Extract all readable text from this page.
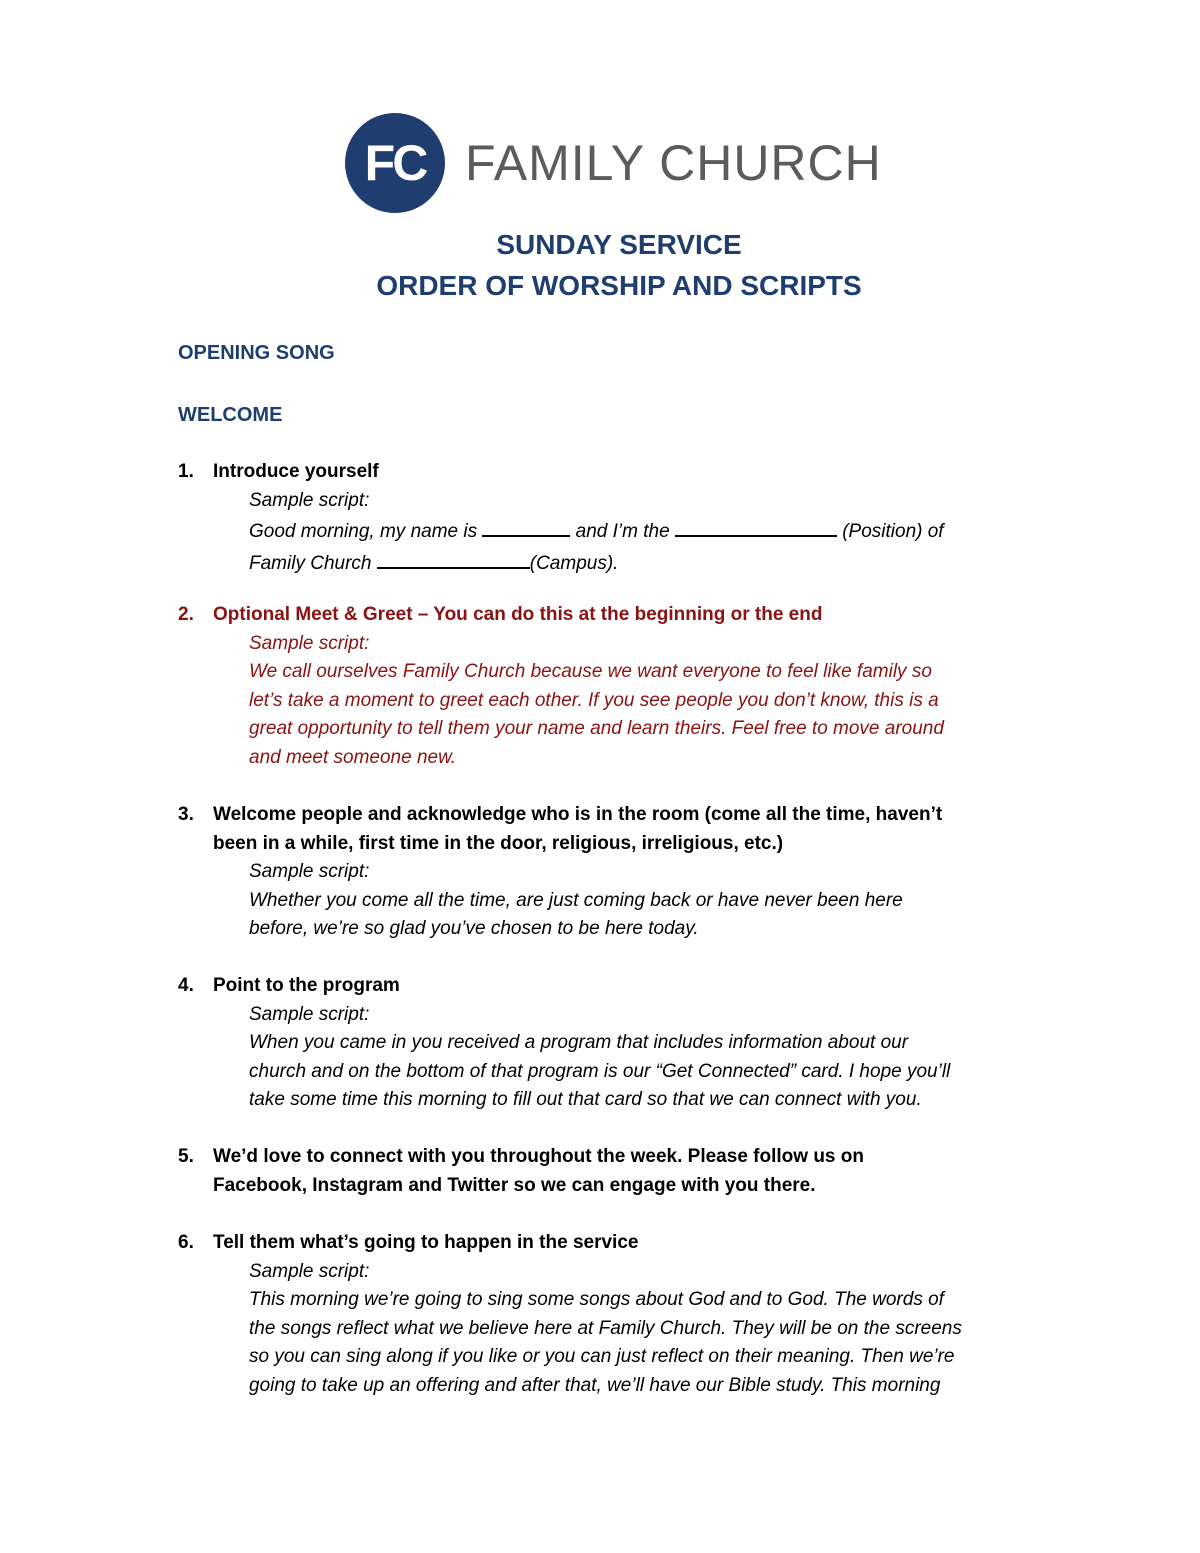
FC FAMILY CHURCH
SUNDAY SERVICE
ORDER OF WORSHIP AND SCRIPTS
OPENING SONG
WELCOME
1. Introduce yourself
Sample script:
Good morning, my name is	and I’m the	(Position) of
Family Church	(Campus).
2. Optional Meet & Greet – You can do this at the beginning or the end
Sample script:
We call ourselves Family Church because we want everyone to feel like family so
let’s take a moment to greet each other. If you see people you don’t know, this is a
great opportunity to tell them your name and learn theirs. Feel free to move around
and meet someone new.
3. Welcome people and acknowledge who is in the room (come all the time, haven’t
been in a while, first time in the door, religious, irreligious, etc.)
Sample script:
Whether you come all the time, are just coming back or have never been here
before, we’re so glad you’ve chosen to be here today.
4. Point to the program
Sample script:
When you came in you received a program that includes information about our
church and on the bottom of that program is our “Get Connected” card. I hope you’ll
take some time this morning to fill out that card so that we can connect with you.
5. We’d love to connect with you throughout the week. Please follow us on
Facebook, Instagram and Twitter so we can engage with you there.
6. Tell them what’s going to happen in the service
Sample script:
This morning we’re going to sing some songs about God and to God. The words of
the songs reflect what we believe here at Family Church. They will be on the screens
so you can sing along if you like or you can just reflect on their meaning. Then we’re
going to take up an offering and after that, we’ll have our Bible study. This morning
